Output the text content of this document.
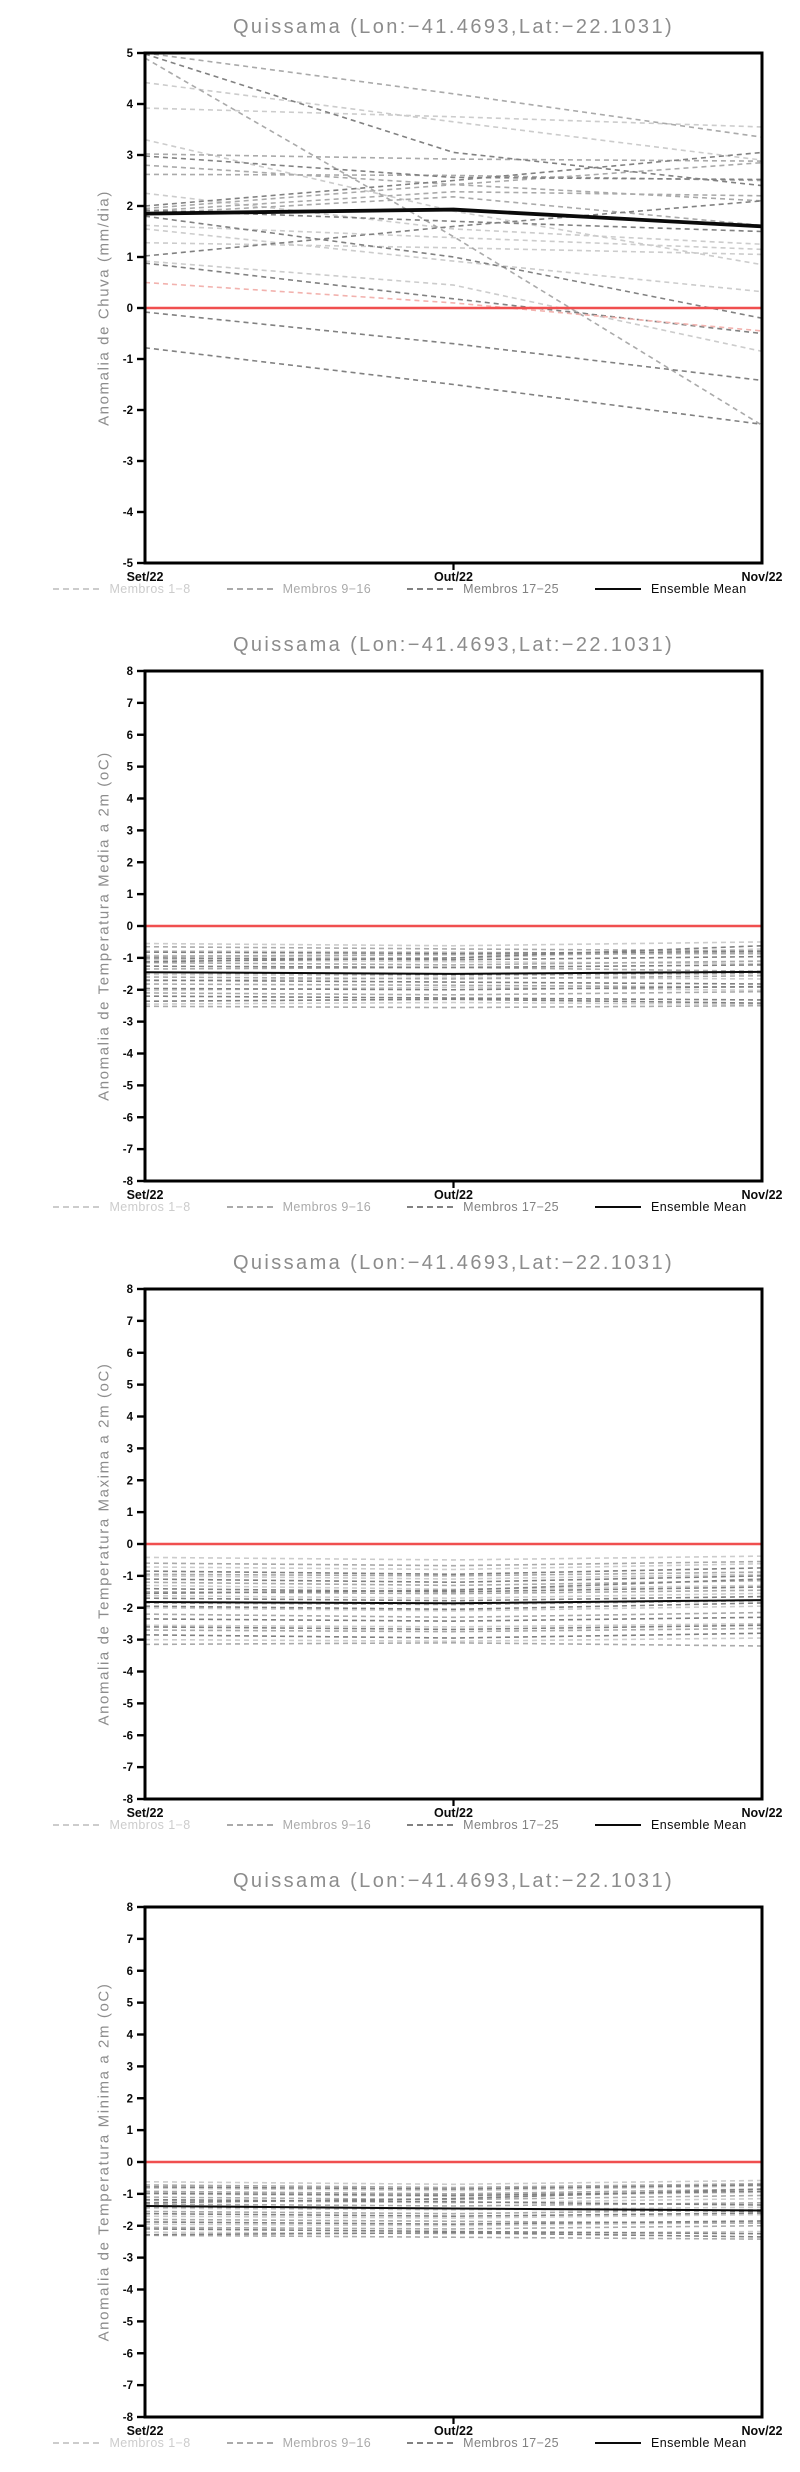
Quissama (Lon:−41.4693,Lat:−22.1031)
Anomalia de Chuva (mm/dia)
5
4
3
2
1
0
-1
-2
-3
-4
-5
Set/22	Out/22	Nov/22
Membros 1−8	Membros 9−16	Membros 17−25	Ensemble Mean
Quissama (Lon:−41.4693,Lat:−22.1031)
Anomalia de Temperatura Media a 2m (oC)
8
7
6
5
4
3
2
1
0
-1
-2
-3
-4
-5
-6
-7
-8
Set/22	Out/22	Nov/22
Membros 1−8	Membros 9−16	Membros 17−25	Ensemble Mean
Quissama (Lon:−41.4693,Lat:−22.1031)
Anomalia de Temperatura Maxima a 2m (oC)
8
7
6
5
4
3
2
1
0
-1
-2
-3
-4
-5
-6
-7
-8
Set/22	Out/22	Nov/22
Membros 1−8	Membros 9−16	Membros 17−25	Ensemble Mean
Quissama (Lon:−41.4693,Lat:−22.1031)
Anomalia de Temperatura Minima a 2m (oC)
8
7
6
5
4
3
2
1
0
-1
-2
-3
-4
-5
-6
-7
-8
Set/22	Out/22	Nov/22
Membros 1−8	Membros 9−16	Membros 17−25	Ensemble Mean
